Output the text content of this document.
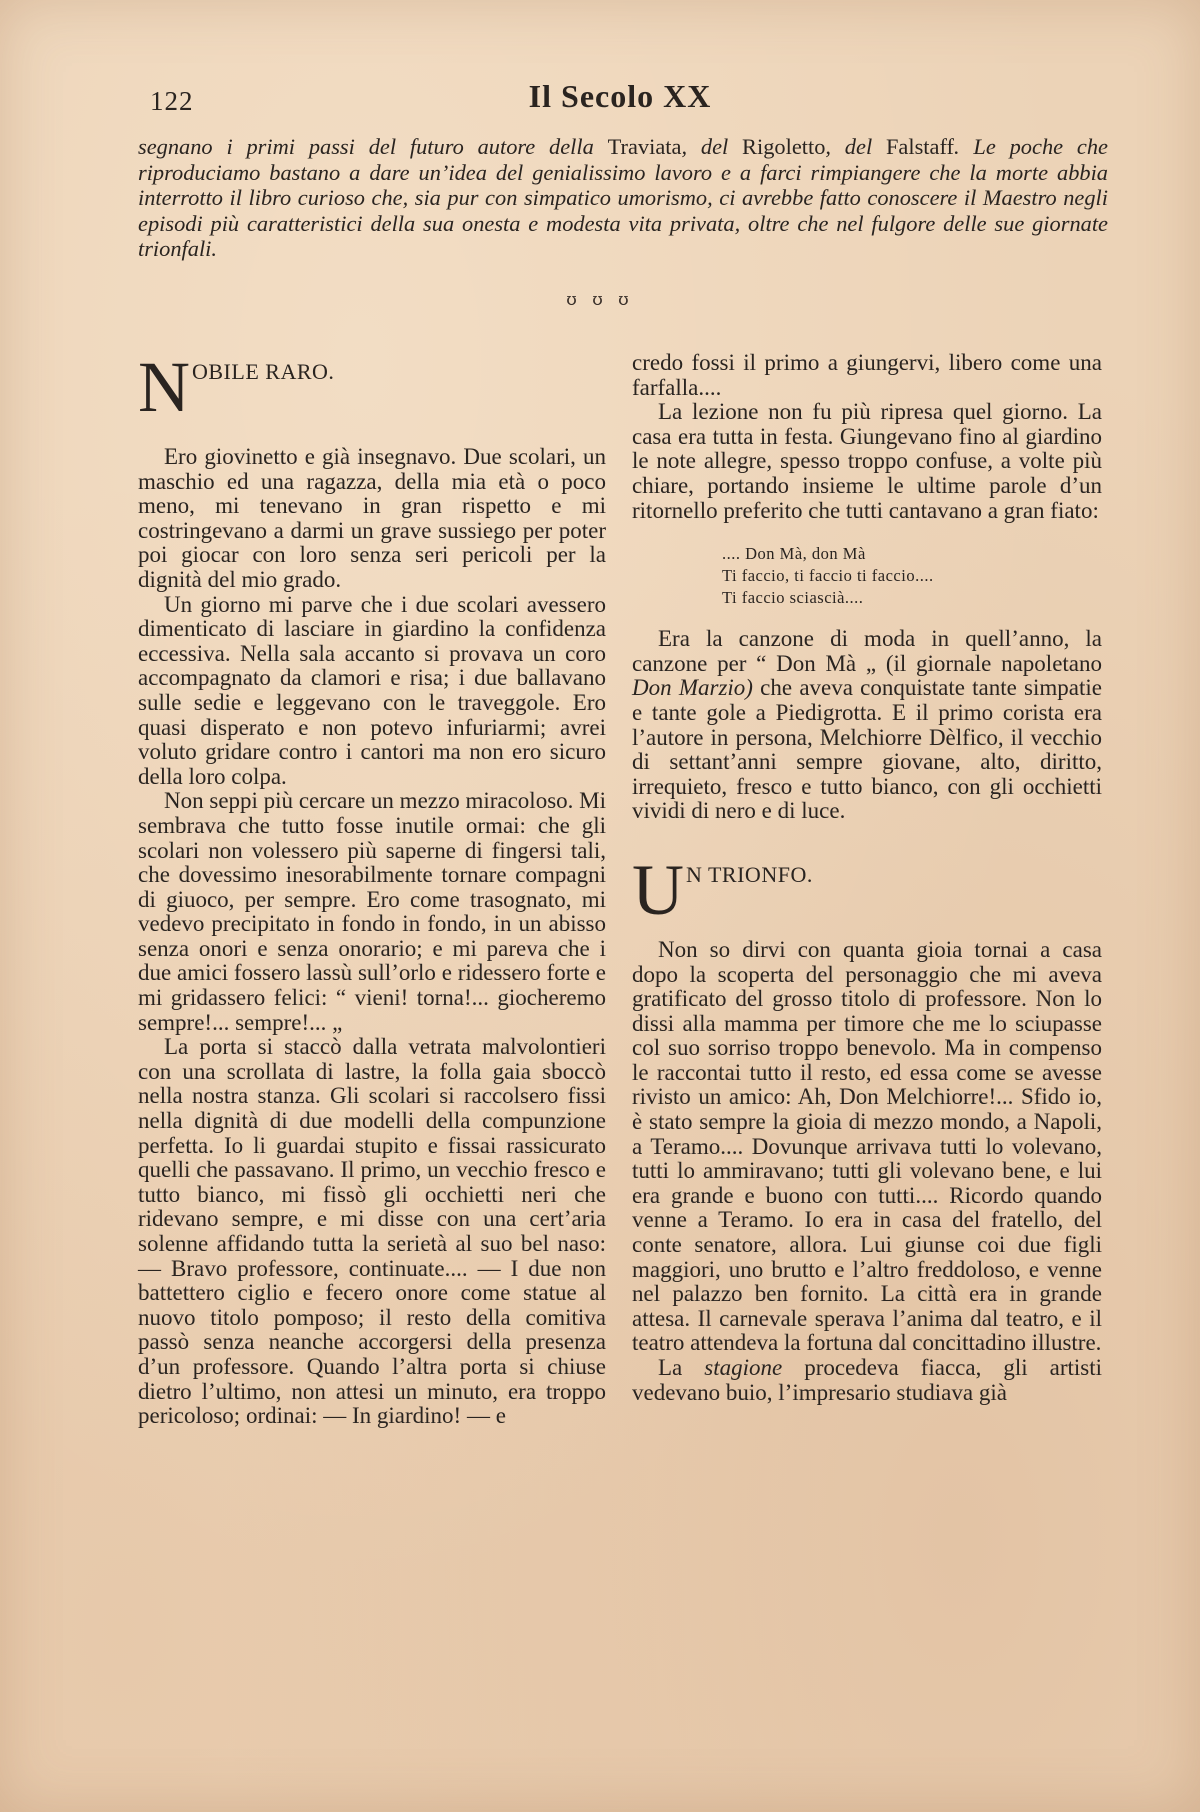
122	Il Secolo XX

segnano i primi passi del futuro autore della Traviata, del Rigoletto, del Falstaff. Le poche che riproduciamo bastano a dare un’idea del genialissimo lavoro e a farci rimpiangere che la morte abbia interrotto il libro curioso che, sia pur con simpatico umorismo, ci avrebbe fatto conoscere il Maestro negli episodi più caratteristici della sua onesta e modesta vita privata, oltre che nel fulgore delle sue giornate trionfali.

ʊ ʊ ʊ
N OBILE RARO.

Ero giovinetto e già insegnavo. Due scolari, un maschio ed una ragazza, della mia età o poco meno, mi tenevano in gran rispetto e mi costringevano a darmi un grave sussiego per poter poi giocar con loro senza seri pericoli per la dignità del mio grado.

Un giorno mi parve che i due scolari avessero dimenticato di lasciare in giardino la confidenza eccessiva. Nella sala accanto si provava un coro accompagnato da clamori e risa; i due ballavano sulle sedie e leggevano con le traveggole. Ero quasi disperato e non potevo infuriarmi; avrei voluto gridare contro i cantori ma non ero sicuro della loro colpa.

Non seppi più cercare un mezzo miracoloso. Mi sembrava che tutto fosse inutile ormai: che gli scolari non volessero più saperne di fingersi tali, che dovessimo inesorabilmente tornare compagni di giuoco, per sempre. Ero come trasognato, mi vedevo precipitato in fondo in fondo, in un abisso senza onori e senza onorario; e mi pareva che i due amici fossero lassù sull’orlo e ridessero forte e mi gridassero felici: “ vieni! torna!... giocheremo sempre!... sempre!... „

La porta si staccò dalla vetrata malvolontieri con una scrollata di lastre, la folla gaia sboccò nella nostra stanza. Gli scolari si raccolsero fissi nella dignità di due modelli della compunzione perfetta. Io li guardai stupito e fissai rassicurato quelli che passavano. Il primo, un vecchio fresco e tutto bianco, mi fissò gli occhietti neri che ridevano sempre, e mi disse con una cert’aria solenne affidando tutta la serietà al suo bel naso: — Bravo professore, continuate.... — I due non battettero ciglio e fecero onore come statue al nuovo titolo pomposo; il resto della comitiva passò senza neanche accorgersi della presenza d’un professore. Quando l’altra porta si chiuse dietro l’ultimo, non attesi un minuto, era troppo pericoloso; ordinai: — In giardino! — e

credo fossi il primo a giungervi, libero come una farfalla....

La lezione non fu più ripresa quel giorno. La casa era tutta in festa. Giungevano fino al giardino le note allegre, spesso troppo confuse, a volte più chiare, portando insieme le ultime parole d’un ritornello preferito che tutti cantavano a gran fiato:

.... Don Mà, don Mà
Ti faccio, ti faccio ti faccio....
Ti faccio sciascià....

Era la canzone di moda in quell’anno, la canzone per “ Don Mà „ (il giornale napoletano Don Marzio) che aveva conquistate tante simpatie e tante gole a Piedigrotta. E il primo corista era l’autore in persona, Melchiorre Dèlfico, il vecchio di settant’anni sempre giovane, alto, diritto, irrequieto, fresco e tutto bianco, con gli occhietti vividi di nero e di luce.

U N TRIONFO.

Non so dirvi con quanta gioia tornai a casa dopo la scoperta del personaggio che mi aveva gratificato del grosso titolo di professore. Non lo dissi alla mamma per timore che me lo sciupasse col suo sorriso troppo benevolo. Ma in compenso le raccontai tutto il resto, ed essa come se avesse rivisto un amico: Ah, Don Melchiorre!... Sfido io, è stato sempre la gioia di mezzo mondo, a Napoli, a Teramo.... Dovunque arrivava tutti lo volevano, tutti lo ammiravano; tutti gli volevano bene, e lui era grande e buono con tutti.... Ricordo quando venne a Teramo. Io era in casa del fratello, del conte senatore, allora. Lui giunse coi due figli maggiori, uno brutto e l’altro freddoloso, e venne nel palazzo ben fornito. La città era in grande attesa. Il carnevale sperava l’anima dal teatro, e il teatro attendeva la fortuna dal concittadino illustre.

La stagione procedeva fiacca, gli artisti vedevano buio, l’impresario studiava già
